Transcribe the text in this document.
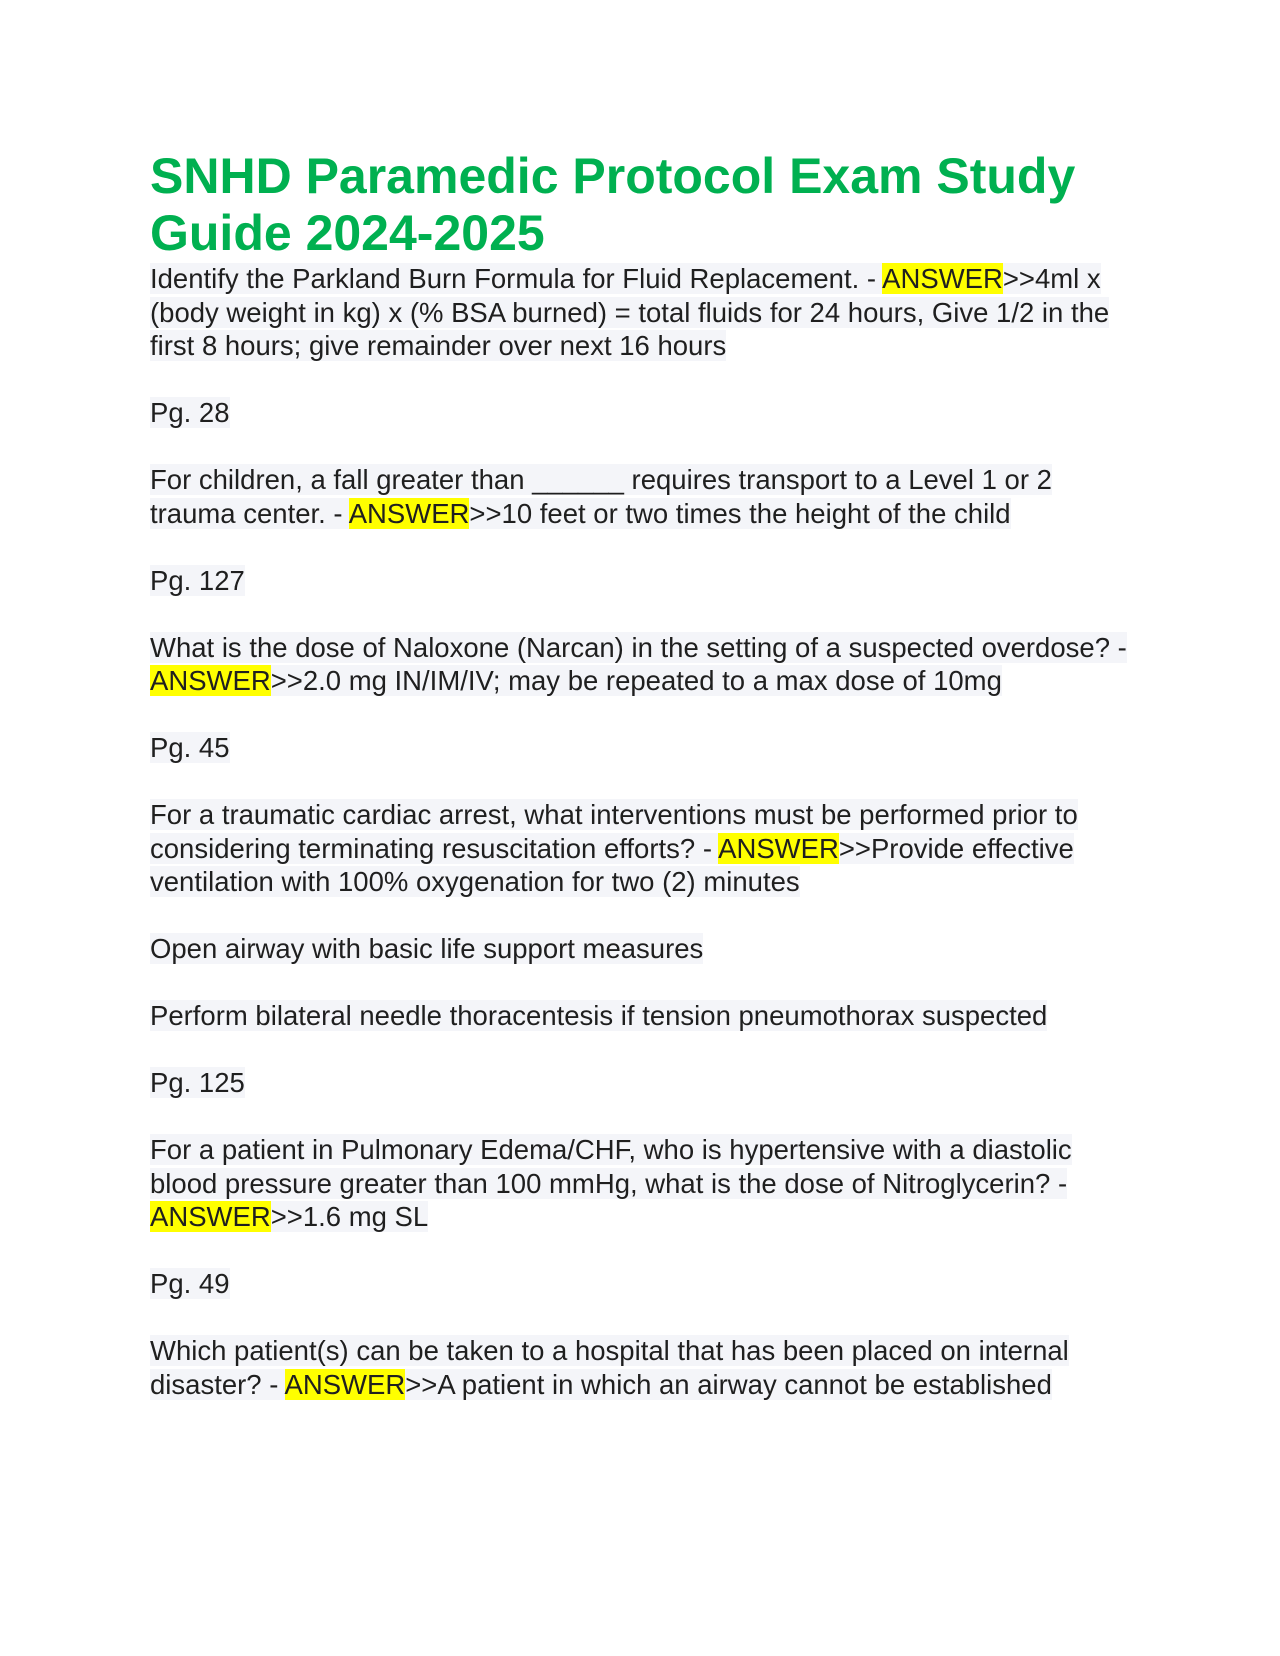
SNHD Paramedic Protocol Exam Study Guide 2024-2025

Identify the Parkland Burn Formula for Fluid Replacement. - ANSWER>>4ml x (body weight in kg) x (% BSA burned) = total fluids for 24 hours, Give 1/2 in the first 8 hours; give remainder over next 16 hours

Pg. 28

For children, a fall greater than ______ requires transport to a Level 1 or 2 trauma center. - ANSWER>>10 feet or two times the height of the child

Pg. 127

What is the dose of Naloxone (Narcan) in the setting of a suspected overdose? - ANSWER>>2.0 mg IN/IM/IV; may be repeated to a max dose of 10mg

Pg. 45

For a traumatic cardiac arrest, what interventions must be performed prior to considering terminating resuscitation efforts? - ANSWER>>Provide effective ventilation with 100% oxygenation for two (2) minutes

Open airway with basic life support measures

Perform bilateral needle thoracentesis if tension pneumothorax suspected

Pg. 125

For a patient in Pulmonary Edema/CHF, who is hypertensive with a diastolic blood pressure greater than 100 mmHg, what is the dose of Nitroglycerin? - ANSWER>>1.6 mg SL

Pg. 49

Which patient(s) can be taken to a hospital that has been placed on internal disaster? - ANSWER>>A patient in which an airway cannot be established
